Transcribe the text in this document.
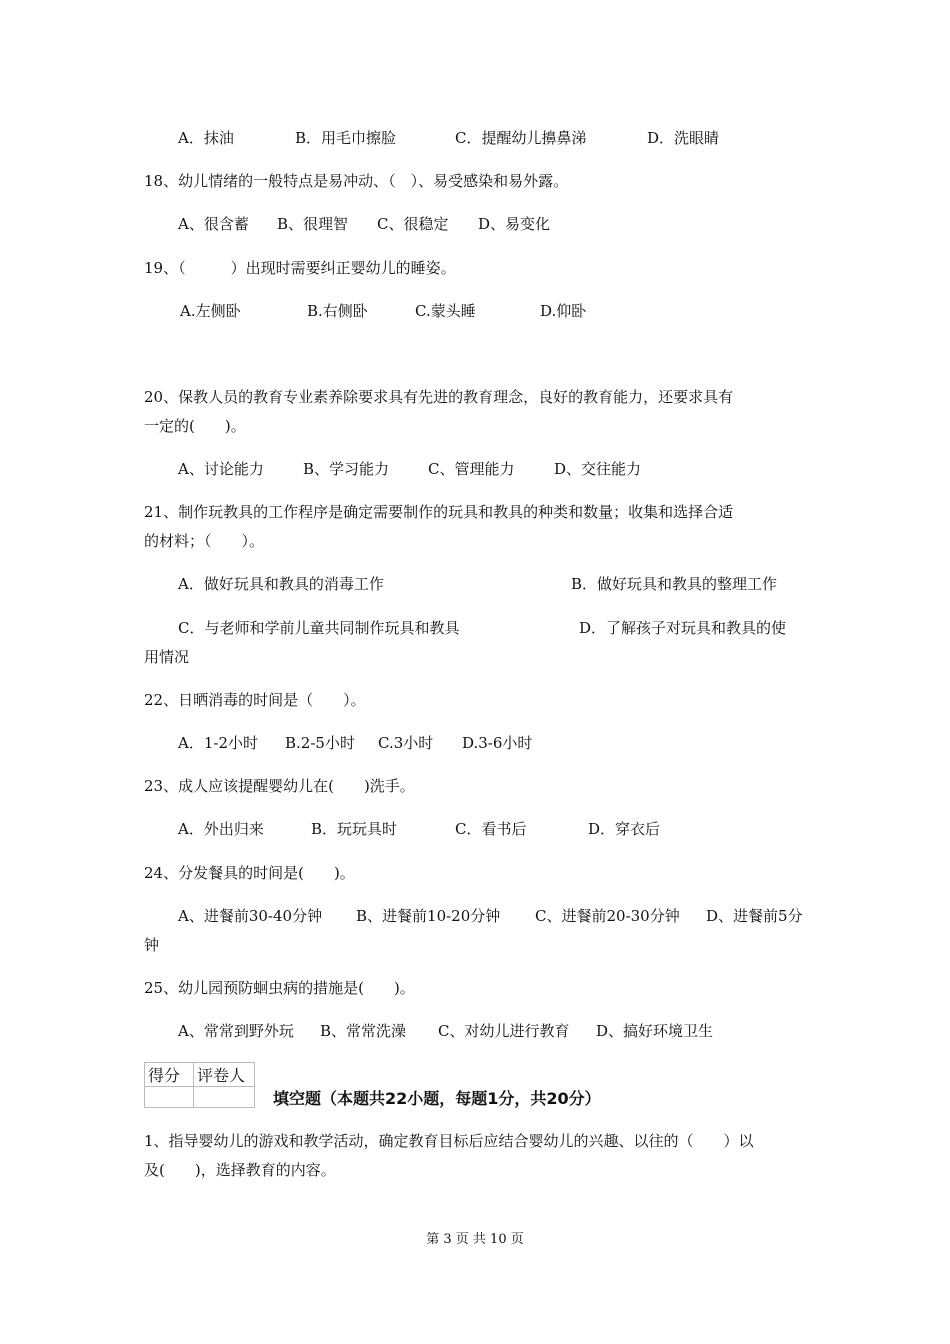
A．抹油	B．用毛巾擦脸	C．提醒幼儿擤鼻涕	D．洗眼睛
18、幼儿情绪的一般特点是易冲动、（　）、易受感染和易外露。
A、很含蓄 B、很理智 C、很稳定 D、易变化
19、（　　　）出现时需要纠正婴幼儿的睡姿。
A.左侧卧	B.右侧卧	C.蒙头睡	D.仰卧
20、保教人员的教育专业素养除要求具有先进的教育理念，良好的教育能力，还要求具有
一定的(　　)。
A、讨论能力	B、学习能力	C、管理能力	D、交往能力
21、制作玩教具的工作程序是确定需要制作的玩具和教具的种类和数量；收集和选择合适
的材料；（　　）。
A．做好玩具和教具的消毒工作	B．做好玩具和教具的整理工作
C．与老师和学前儿童共同制作玩具和教具	D．了解孩子对玩具和教具的使
用情况
22、日晒消毒的时间是（　　）。
A．1-2小时 B.2-5小时 C.3小时 D.3-6小时
23、成人应该提醒婴幼儿在(　　)洗手。
A．外出归来	B．玩玩具时	C．看书后	D．穿衣后
24、分发餐具的时间是(　　)。
A、进餐前30-40分钟 B、进餐前10-20分钟 C、进餐前20-30分钟 D、进餐前5分
钟
25、幼儿园预防蛔虫病的措施是(　　)。
A、常常到野外玩 B、常常洗澡 C、对幼儿进行教育 D、搞好环境卫生
得分	评卷人

填空题（本题共22小题，每题1分，共20分）
1、指导婴幼儿的游戏和教学活动，确定教育目标后应结合婴幼儿的兴趣、以往的（　　）以
及(　　)，选择教育的内容。
第 3 页 共 10 页
